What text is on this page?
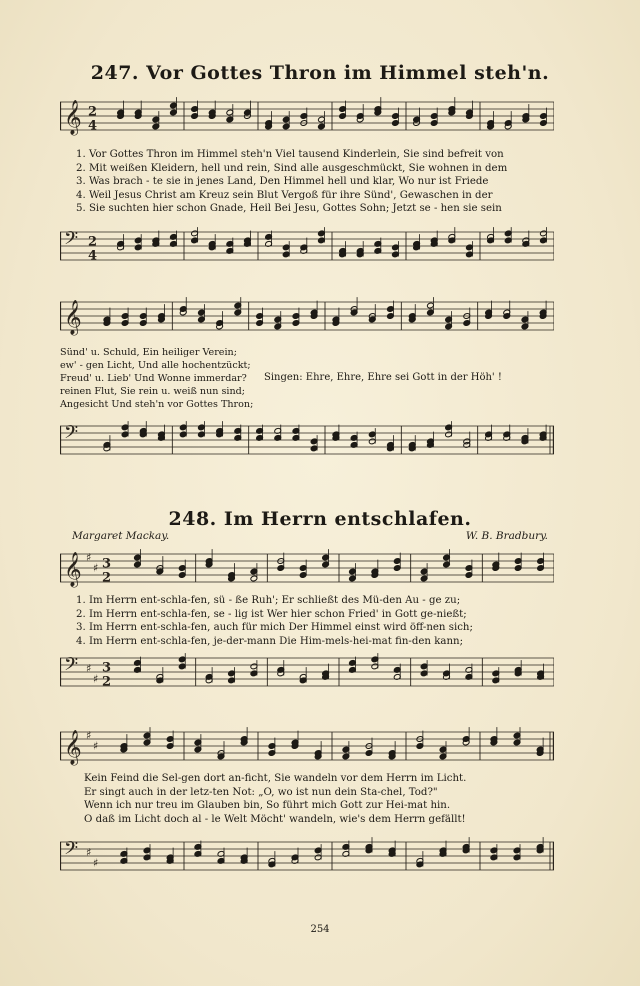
247. Vor Gottes Thron im Himmel steh'n.
𝄞 2
4
1. Vor Gottes Thron im Himmel steh'n Viel tausend Kinderlein, Sie sind befreit von
2. Mit weißen Kleidern, hell und rein, Sind alle ausgeschmückt, Sie wohnen in dem
3. Was brach - te sie in jenes Land, Den Himmel hell und klar, Wo nur ist Friede
4. Weil Jesus Christ am Kreuz sein Blut Vergoß für ihre Sünd', Gewaschen in der
5. Sie suchten hier schon Gnade, Heil Bei Jesu, Gottes Sohn; Jetzt se - hen sie sein
𝄢 2
4
𝄞
Sünd' u. Schuld, Ein heiliger Verein;
ew' - gen Licht, Und alle hochentzückt;
Freud' u. Lieb' Und Wonne immerdar?
reinen Flut, Sie rein u. weiß nun sind;
Angesicht Und steh'n vor Gottes Thron;
Singen: Ehre, Ehre, Ehre sei Gott in der Höh' !
𝄢
248. Im Herrn entschlafen.
Margaret Mackay.	W. B. Bradbury.
𝄞 ♯
♯ 3
2
1. Im Herrn ent-schla-fen, sü - ße Ruh'; Er schließt des Mü-den Au - ge zu;
2. Im Herrn ent-schla-fen, se - lig ist Wer hier schon Fried' in Gott ge-nießt;
3. Im Herrn ent-schla-fen, auch für mich Der Himmel einst wird öff-nen sich;
4. Im Herrn ent-schla-fen, je-der-mann Die Him-mels-hei-mat fin-den kann;
𝄢 ♯
♯
3
2
𝄞 ♯
♯
Kein Feind die Sel-gen dort an-ficht, Sie wandeln vor dem Herrn im Licht.
Er singt auch in der letz-ten Not: „O, wo ist nun dein Sta-chel, Tod?"
Wenn ich nur treu im Glauben bin, So führt mich Gott zur Hei-mat hin.
O daß im Licht doch al - le Welt Möcht' wandeln, wie's dem Herrn gefällt!
𝄢 ♯
♯
254
